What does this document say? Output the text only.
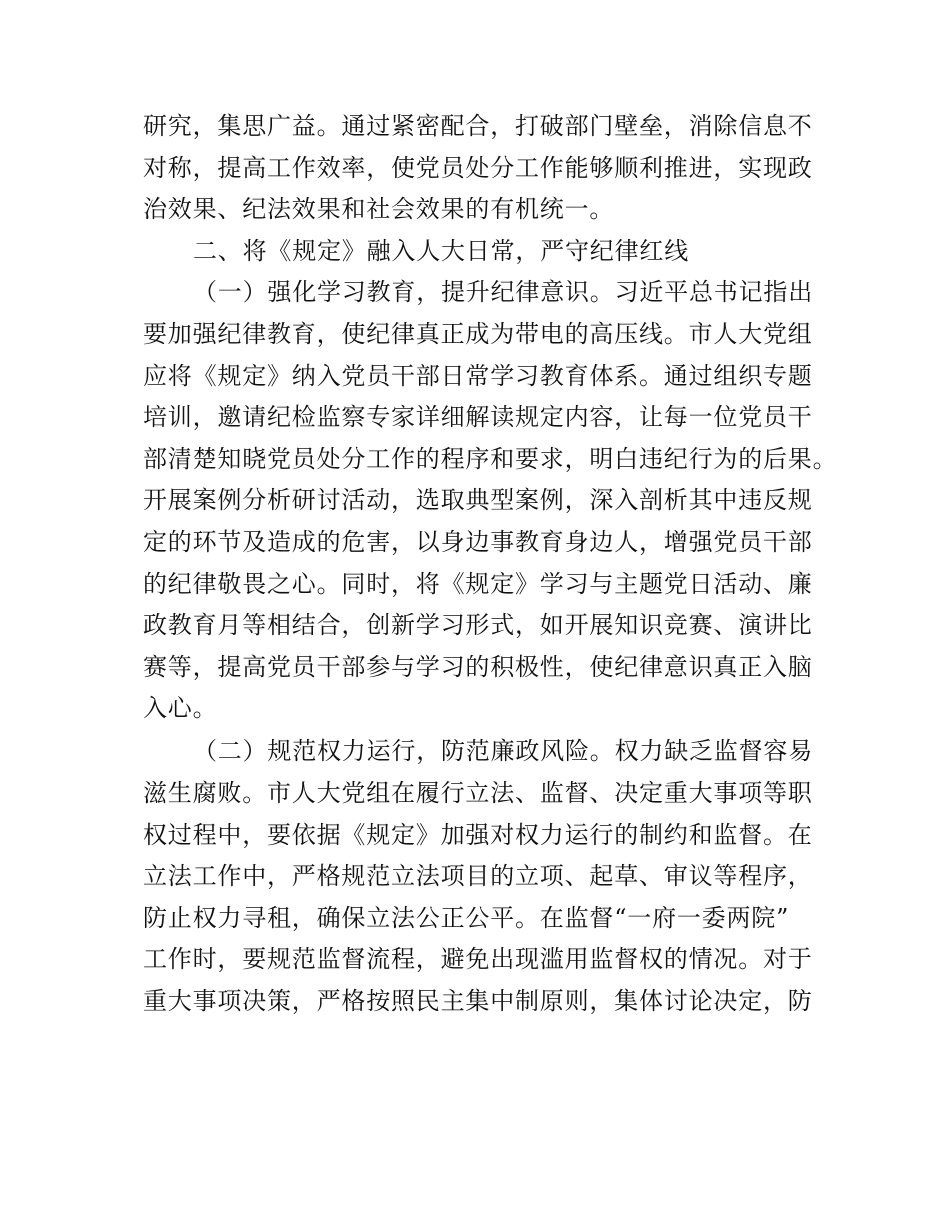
研究，集思广益。通过紧密配合，打破部门壁垒，消除信息不
对称，提高工作效率，使党员处分工作能够顺利推进，实现政
治效果、纪法效果和社会效果的有机统一。
二、将《规定》融入人大日常，严守纪律红线
（一）强化学习教育，提升纪律意识。习近平总书记指出
要加强纪律教育，使纪律真正成为带电的高压线。市人大党组
应将《规定》纳入党员干部日常学习教育体系。通过组织专题
培训，邀请纪检监察专家详细解读规定内容，让每一位党员干
部清楚知晓党员处分工作的程序和要求，明白违纪行为的后果。
开展案例分析研讨活动，选取典型案例，深入剖析其中违反规
定的环节及造成的危害，以身边事教育身边人，增强党员干部
的纪律敬畏之心。同时，将《规定》学习与主题党日活动、廉
政教育月等相结合，创新学习形式，如开展知识竞赛、演讲比
赛等，提高党员干部参与学习的积极性，使纪律意识真正入脑
入心。
（二）规范权力运行，防范廉政风险。权力缺乏监督容易
滋生腐败。市人大党组在履行立法、监督、决定重大事项等职
权过程中，要依据《规定》加强对权力运行的制约和监督。在
立法工作中，严格规范立法项目的立项、起草、审议等程序，
防止权力寻租，确保立法公正公平。在监督“一府一委两院”
工作时，要规范监督流程，避免出现滥用监督权的情况。对于
重大事项决策，严格按照民主集中制原则，集体讨论决定，防
